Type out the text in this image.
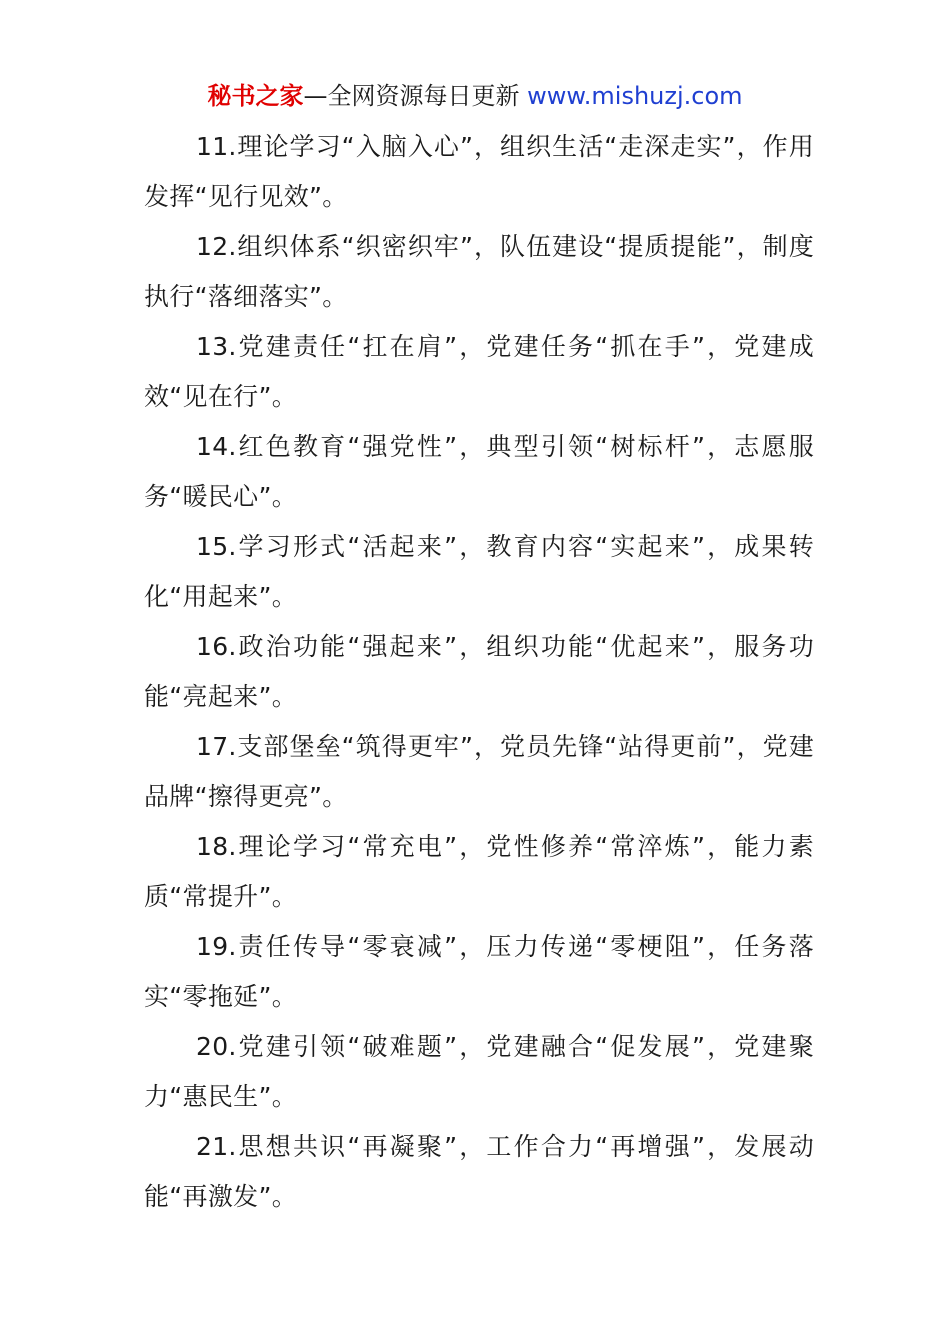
秘书之家—全网资源每日更新 www.mishuzj.com

11.理论学习“入脑入心”，组织生活“走深走实”，作用发挥“见行见效”。

12.组织体系“织密织牢”，队伍建设“提质提能”，制度执行“落细落实”。

13.党建责任“扛在肩”，党建任务“抓在手”，党建成效“见在行”。

14.红色教育“强党性”，典型引领“树标杆”，志愿服务“暖民心”。

15.学习形式“活起来”，教育内容“实起来”，成果转化“用起来”。

16.政治功能“强起来”，组织功能“优起来”，服务功能“亮起来”。

17.支部堡垒“筑得更牢”，党员先锋“站得更前”，党建品牌“擦得更亮”。

18.理论学习“常充电”，党性修养“常淬炼”，能力素质“常提升”。

19.责任传导“零衰减”，压力传递“零梗阻”，任务落实“零拖延”。

20.党建引领“破难题”，党建融合“促发展”，党建聚力“惠民生”。

21.思想共识“再凝聚”，工作合力“再增强”，发展动能“再激发”。
